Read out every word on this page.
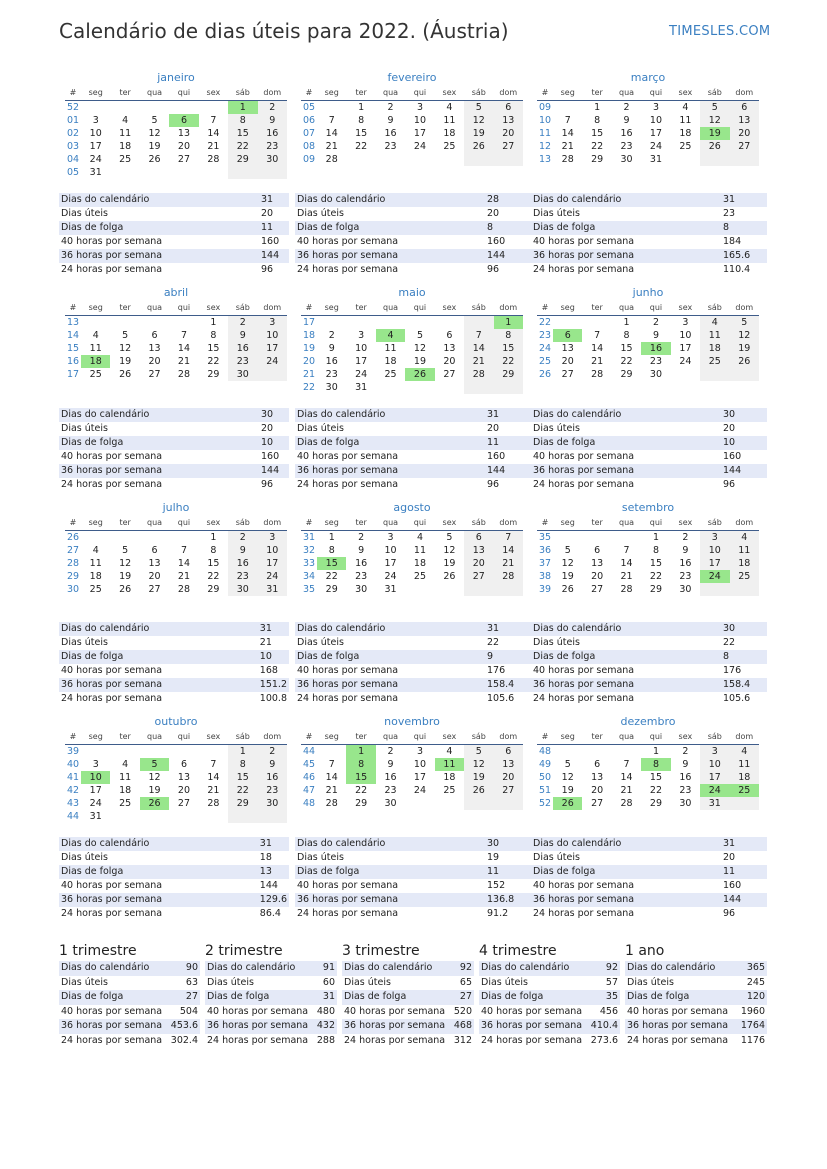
Calendário de dias úteis para 2022. (Áustria)	TIMESLES.COM
janeiro
#	seg	ter	qua	qui	sex	sáb	dom
52						1	2
01	3	4	5	6	7	8	9
02	10	11	12	13	14	15	16
03	17	18	19	20	21	22	23
04	24	25	26	27	28	29	30
05	31						
Dias do calendário	31
Dias úteis	20
Dias de folga	11
40 horas por semana	160
36 horas por semana	144
24 horas por semana	96
fevereiro
#	seg	ter	qua	qui	sex	sáb	dom
05		1	2	3	4	5	6
06	7	8	9	10	11	12	13
07	14	15	16	17	18	19	20
08	21	22	23	24	25	26	27
09	28						
Dias do calendário	28
Dias úteis	20
Dias de folga	8
40 horas por semana	160
36 horas por semana	144
24 horas por semana	96
março
#	seg	ter	qua	qui	sex	sáb	dom
09		1	2	3	4	5	6
10	7	8	9	10	11	12	13
11	14	15	16	17	18	19	20
12	21	22	23	24	25	26	27
13	28	29	30	31			
Dias do calendário	31
Dias úteis	23
Dias de folga	8
40 horas por semana	184
36 horas por semana	165.6
24 horas por semana	110.4
abril
#	seg	ter	qua	qui	sex	sáb	dom
13					1	2	3
14	4	5	6	7	8	9	10
15	11	12	13	14	15	16	17
16	18	19	20	21	22	23	24
17	25	26	27	28	29	30	
Dias do calendário	30
Dias úteis	20
Dias de folga	10
40 horas por semana	160
36 horas por semana	144
24 horas por semana	96
maio
#	seg	ter	qua	qui	sex	sáb	dom
17							1
18	2	3	4	5	6	7	8
19	9	10	11	12	13	14	15
20	16	17	18	19	20	21	22
21	23	24	25	26	27	28	29
22	30	31					
Dias do calendário	31
Dias úteis	20
Dias de folga	11
40 horas por semana	160
36 horas por semana	144
24 horas por semana	96
junho
#	seg	ter	qua	qui	sex	sáb	dom
22			1	2	3	4	5
23	6	7	8	9	10	11	12
24	13	14	15	16	17	18	19
25	20	21	22	23	24	25	26
26	27	28	29	30			
Dias do calendário	30
Dias úteis	20
Dias de folga	10
40 horas por semana	160
36 horas por semana	144
24 horas por semana	96
julho
#	seg	ter	qua	qui	sex	sáb	dom
26					1	2	3
27	4	5	6	7	8	9	10
28	11	12	13	14	15	16	17
29	18	19	20	21	22	23	24
30	25	26	27	28	29	30	31
Dias do calendário	31
Dias úteis	21
Dias de folga	10
40 horas por semana	168
36 horas por semana	151.2
24 horas por semana	100.8
agosto
#	seg	ter	qua	qui	sex	sáb	dom
31	1	2	3	4	5	6	7
32	8	9	10	11	12	13	14
33	15	16	17	18	19	20	21
34	22	23	24	25	26	27	28
35	29	30	31				
Dias do calendário	31
Dias úteis	22
Dias de folga	9
40 horas por semana	176
36 horas por semana	158.4
24 horas por semana	105.6
setembro
#	seg	ter	qua	qui	sex	sáb	dom
35				1	2	3	4
36	5	6	7	8	9	10	11
37	12	13	14	15	16	17	18
38	19	20	21	22	23	24	25
39	26	27	28	29	30		
Dias do calendário	30
Dias úteis	22
Dias de folga	8
40 horas por semana	176
36 horas por semana	158.4
24 horas por semana	105.6
outubro
#	seg	ter	qua	qui	sex	sáb	dom
39						1	2
40	3	4	5	6	7	8	9
41	10	11	12	13	14	15	16
42	17	18	19	20	21	22	23
43	24	25	26	27	28	29	30
44	31						
Dias do calendário	31
Dias úteis	18
Dias de folga	13
40 horas por semana	144
36 horas por semana	129.6
24 horas por semana	86.4
novembro
#	seg	ter	qua	qui	sex	sáb	dom
44		1	2	3	4	5	6
45	7	8	9	10	11	12	13
46	14	15	16	17	18	19	20
47	21	22	23	24	25	26	27
48	28	29	30				
Dias do calendário	30
Dias úteis	19
Dias de folga	11
40 horas por semana	152
36 horas por semana	136.8
24 horas por semana	91.2
dezembro
#	seg	ter	qua	qui	sex	sáb	dom
48				1	2	3	4
49	5	6	7	8	9	10	11
50	12	13	14	15	16	17	18
51	19	20	21	22	23	24	25
52	26	27	28	29	30	31	
Dias do calendário	31
Dias úteis	20
Dias de folga	11
40 horas por semana	160
36 horas por semana	144
24 horas por semana	96
1 trimestre
Dias do calendário	90
Dias úteis	63
Dias de folga	27
40 horas por semana	504
36 horas por semana	453.6
24 horas por semana	302.4
2 trimestre
Dias do calendário	91
Dias úteis	60
Dias de folga	31
40 horas por semana	480
36 horas por semana	432
24 horas por semana	288
3 trimestre
Dias do calendário	92
Dias úteis	65
Dias de folga	27
40 horas por semana	520
36 horas por semana	468
24 horas por semana	312
4 trimestre
Dias do calendário	92
Dias úteis	57
Dias de folga	35
40 horas por semana	456
36 horas por semana	410.4
24 horas por semana	273.6
1 ano
Dias do calendário	365
Dias úteis	245
Dias de folga	120
40 horas por semana	1960
36 horas por semana	1764
24 horas por semana	1176
